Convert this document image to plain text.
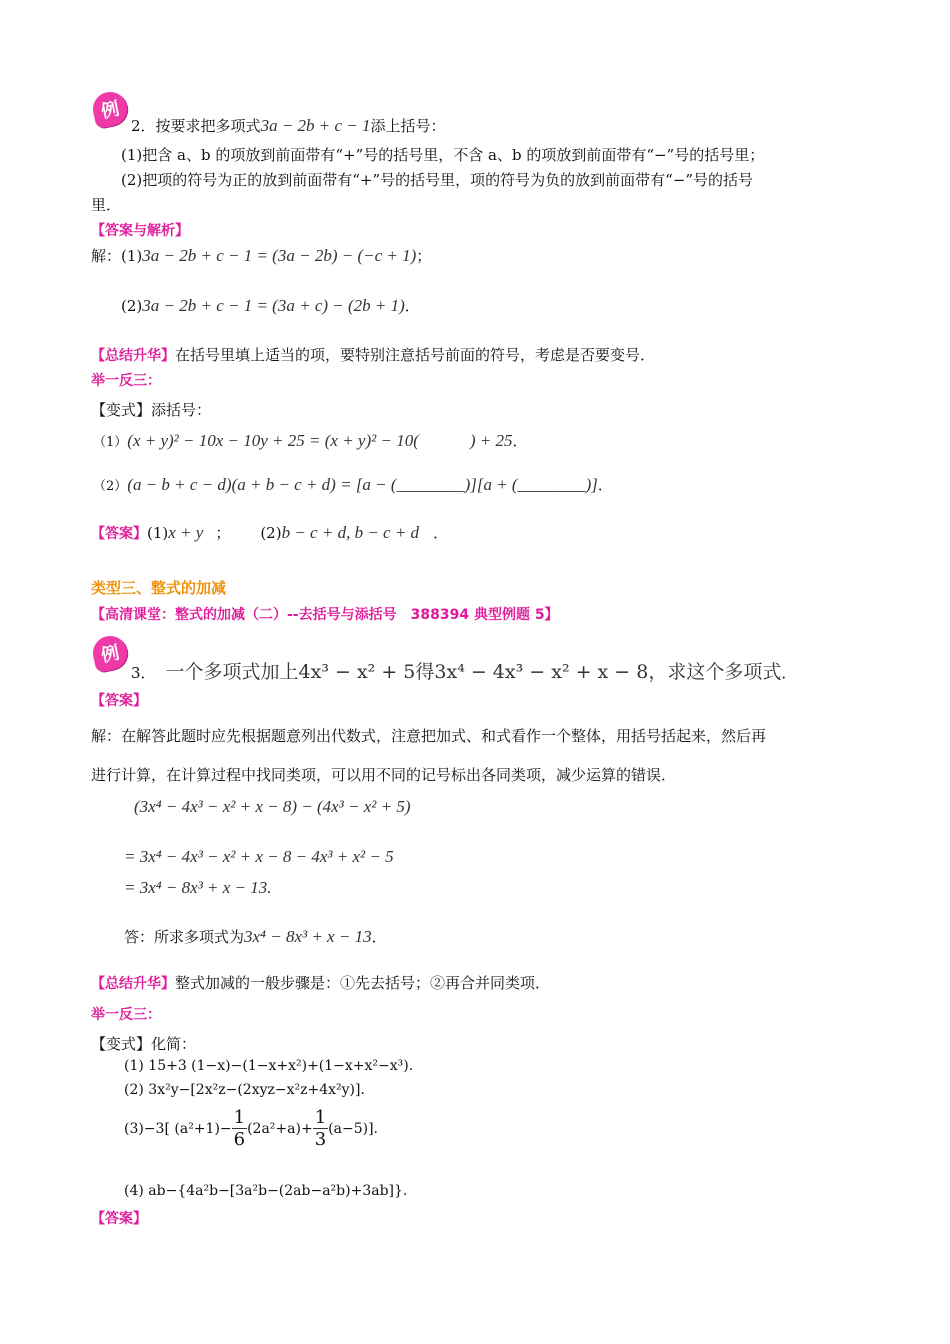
例
2．按要求把多项式3a − 2b + c − 1添上括号：
(1)把含 a、b 的项放到前面带有“+”号的括号里，不含 a、b 的项放到前面带有“−”号的括号里；
(2)把项的符号为正的放到前面带有“+”号的括号里，项的符号为负的放到前面带有“−”号的括号
里．
【答案与解析】
解：(1)3a − 2b + c − 1 = (3a − 2b) − (−c + 1)；
(2)3a − 2b + c − 1 = (3a + c) − (2b + 1)．
【总结升华】在括号里填上适当的项，要特别注意括号前面的符号，考虑是否要变号．
举一反三：
【变式】添括号：
（1）(x + y)² − 10x − 10y + 25 = (x + y)² − 10(　　　) + 25．
（2）(a − b + c − d)(a + b − c + d) = [a − (________)][a + (________)]．
【答案】(1)x + y ； (2)b − c + d, b − c + d ．
类型三、整式的加减
【高清课堂：整式的加减（二）--去括号与添括号　388394 典型例题 5】
例
3． 一个多项式加上4x³ − x² + 5得3x⁴ − 4x³ − x² + x − 8，求这个多项式．
【答案】
解：在解答此题时应先根据题意列出代数式，注意把加式、和式看作一个整体，用括号括起来，然后再
进行计算，在计算过程中找同类项，可以用不同的记号标出各同类项，减少运算的错误．
(3x⁴ − 4x³ − x² + x − 8) − (4x³ − x² + 5)
= 3x⁴ − 4x³ − x² + x − 8 − 4x³ + x² − 5
= 3x⁴ − 8x³ + x − 13.
答：所求多项式为3x⁴ − 8x³ + x − 13．
【总结升华】整式加减的一般步骤是：①先去括号；②再合并同类项．
举一反三：
【变式】化简：
(1) 15+3 (1−x)−(1−x+x²)+(1−x+x²−x³).
(2) 3x²y−[2x²z−(2xyz−x²z+4x²y)].
(3)−3[ $(a^2+1)- \frac{1}{6} (2a^2+a)+ \frac{1}{3} (a-5)$].
(4) ab−{4a²b−[3a²b−(2ab−a²b)+3ab]}.
【答案】
